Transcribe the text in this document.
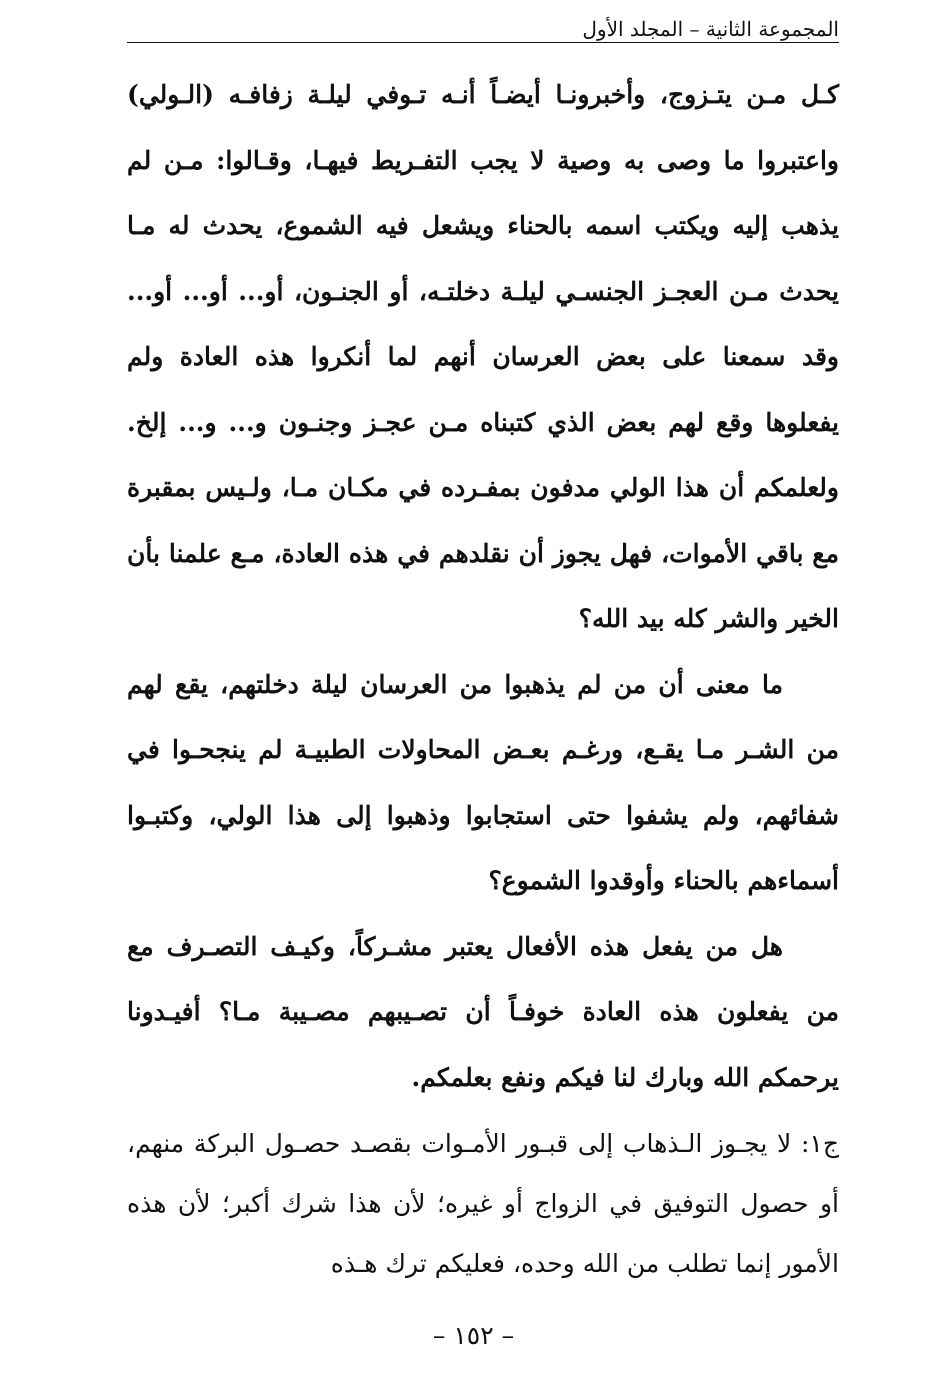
المجموعة الثانية – المجلد الأول

كـل مـن يتـزوج، وأخبرونـا أيضـاً أنـه تـوفي ليلـة زفافـه (الـولي) واعتبروا ما وصى به وصية لا يجب التفـريط فيهـا، وقـالوا: مـن لم يذهب إليه ويكتب اسمه بالحناء ويشعل فيه الشموع، يحدث له مـا يحدث مـن العجـز الجنسـي ليلـة دخلتـه، أو الجنـون، أو... أو... أو... وقد سمعنا على بعض العرسان أنهم لما أنكروا هذه العادة ولم يفعلوها وقع لهم بعض الذي كتبناه مـن عجـز وجنـون و... و... إلخ. ولعلمكم أن هذا الولي مدفون بمفـرده في مكـان مـا، ولـيس بمقبرة مع باقي الأموات، فهل يجوز أن نقلدهم في هذه العادة، مـع علمنا بأن الخير والشر كله بيد الله؟

ما معنى أن من لم يذهبوا من العرسان ليلة دخلتهم، يقع لهم من الشـر مـا يقـع، ورغـم بعـض المحاولات الطبيـة لم ينجحـوا في شفائهم، ولم يشفوا حتى استجابوا وذهبوا إلى هذا الولي، وكتبـوا أسماءهم بالحناء وأوقدوا الشموع؟

هل من يفعل هذه الأفعال يعتبر مشـركاً، وكيـف التصـرف مع من يفعلون هذه العادة خوفـاً أن تصـيبهم مصـيبة مـا؟ أفيـدونا يرحمكم الله وبارك لنا فيكم ونفع بعلمكم.

ج١: لا يجـوز الـذهاب إلى قبـور الأمـوات بقصـد حصـول البركة منهم، أو حصول التوفيق في الزواج أو غيره؛ لأن هذا شرك أكبر؛ لأن هذه الأمور إنما تطلب من الله وحده، فعليكم ترك هـذه

– ١٥٢ –
